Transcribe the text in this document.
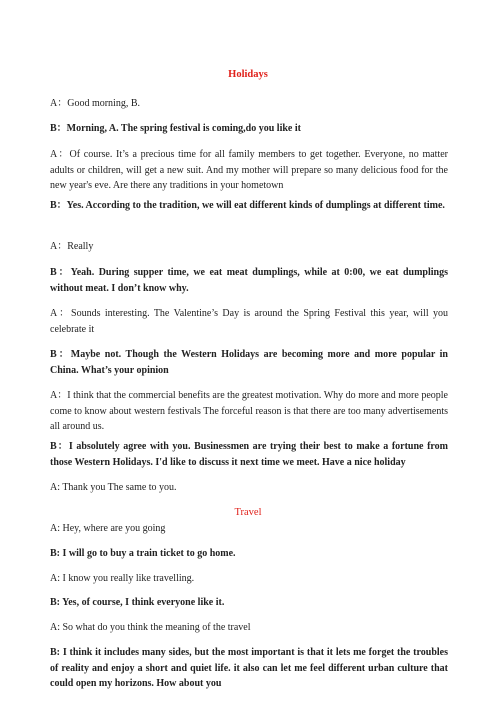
Holidays
A：Good morning, B.
B：Morning, A. The spring festival is coming,do you like it
A：Of course. It’s a precious time for all family members to get together. Everyone, no matter adults or children, will get a new suit. And my mother will prepare so many delicious food for the new year's eve. Are there any traditions in your hometown
B：Yes. According to the tradition, we will eat different kinds of dumplings at different time.
A：Really
B：Yeah. During supper time, we eat meat dumplings, while at 0:00, we eat dumplings without meat. I don’t know why.
A：Sounds interesting. The Valentine’s Day is around the Spring Festival this year, will you celebrate it
B：Maybe not. Though the Western Holidays are becoming more and more popular in China. What’s your opinion
A：I think that the commercial benefits are the greatest motivation. Why do more and more people come to know about western festivals The forceful reason is that there are too many advertisements all around us.
B：I absolutely agree with you. Businessmen are trying their best to make a fortune from those Western Holidays. I'd like to discuss it next time we meet. Have a nice holiday
A: Thank you The same to you.
Travel
A: Hey, where are you going
B: I will go to buy a train ticket to go home.
A: I know you really like travelling.
B: Yes, of course, I think everyone like it.
A: So what do you think the meaning of the travel
B: I think it includes many sides, but the most important is that it lets me forget the troubles of reality and enjoy a short and quiet life. it also can let me feel different urban culture that could open my horizons. How about you
